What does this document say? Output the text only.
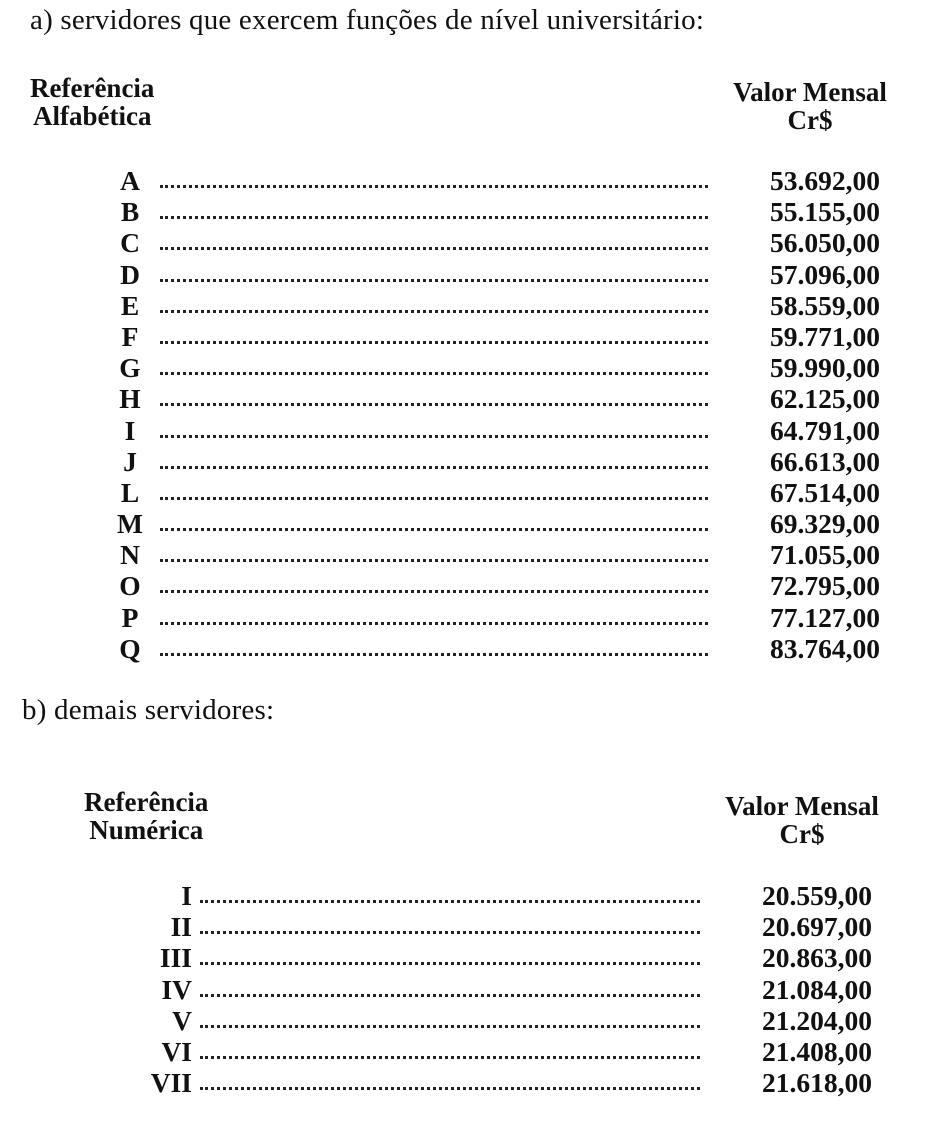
a) servidores que exercem funções de nível universitário:
Referência
Alfabética
Valor Mensal
Cr$
A	53.692,00
B	55.155,00
C	56.050,00
D	57.096,00
E	58.559,00
F	59.771,00
G	59.990,00
H	62.125,00
I	64.791,00
J	66.613,00
L	67.514,00
M	69.329,00
N	71.055,00
O	72.795,00
P	77.127,00
Q	83.764,00
b) demais servidores:
Referência
Numérica
Valor Mensal
Cr$
I	20.559,00
II	20.697,00
III	20.863,00
IV	21.084,00
V	21.204,00
VI	21.408,00
VII	21.618,00
